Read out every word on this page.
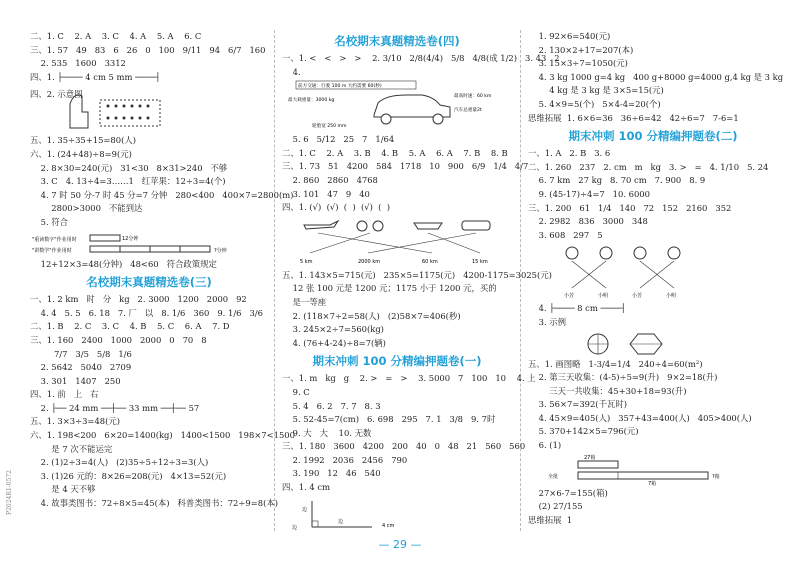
P2024R1-0572
二、1. C    2. A    3. C    4. A    5. A    6. C
三、1. 57   49   83   6   26   0   100   9/11   94   6/7   160
2. 535   1600   3312
四、1. ├──── 4 cm 5 mm ────┤
四、2. 示意图
五、1. 35÷35+15=80(人)
六、1. (24+48)÷8=9(元)
2. 8×30=240(元)   31<30   8×31>240   不够
3. C   4. 13÷4=3……1   红苹果：12÷3=4(个)
4. 7 时 50 分-7 时 45 分=7 分钟   280<400   400×7=2800(m)
2800>3000   不能到达
5. 符合
"重读数字"作业用时
"讲数学"作业用时
12分钟
?分钟
12+12×3=48(分钟)   48<60   符合政策规定
名校期末真题精选卷(三)
一、1. 2 km   时   分   kg   2. 3000   1200   2000   92
4. 4   5. 5   6. 18   7. 厂   以   8. 1/6   360   9. 1/6   3/6
二、1. B    2. C    3. C    4. B    5. C    6. A    7. D
三、1. 160   2400   1000   2000   0   70   8
7/7   3/5   5/8   1/6
2. 5642   5040   2709
3. 301   1407   250
四、1. 前   上   右
2. ├── 24 mm ──┼── 33 mm ──┼── 57
五、1. 3×3÷3=48(元)
六、1. 198<200   6×20=1400(kg)   1400<1500   198×7<1500
是 7 次不能运完
2. (1)2÷3=4(人)   (2)35÷5÷12÷3=3(人)
3. (1)26 元的：8×26=208(元)   4×13=52(元)
是 4 天不够
4. 故事类图书：72÷8×5=45(本)   科普类图书：72÷9=8(本)
名校期末真题精选卷(四)
一、1. <   <   >   >    2. 3/10   2/8(4/4)   5/8   4/8(成 1/2)   3. 43   2
4.
前方交通：行驶 100 m 大约需要 60(秒)
最大载重量：3000 kg
最高时速：60 km
汽车总重量2t
轮胎宽 250 mm
5. 6   5/12   25   7   1/64
二、1. C    2. A    3. B    4. B    5. A    6. A    7. B    8. B
三、1. 73   51   4200   584   1718   10   900   6/9   1/4   4/7
2. 860   2860   4768
3. 101   47   9   40
四、1. (√)  (√)  (  )  (√)  (  )
5 km	2000 km	60 km	15 km
五、1. 143×5=715(元)   235×5=1175(元)   4200-1175=3025(元)
12 张 100 元是 1200 元；1175 小于 1200 元，买的
是一等座
2. (118×7÷2=58(人)   (2)58×7=406(秒)
3. 245×2÷7=560(kg)
4. (76+4-24)÷8=7(辆)
期末冲刺 100 分精编押题卷(一)
一、1. m   kg   g    2. >   =   >    3. 5000   7   100   10    4. 上
9. C
5. 4   6. 2   7. 7   8. 3
5. 52-45=7(cm)   6. 698   295   7. 1   3/8   9. 7时
9. 大   大    10. 无数
三、1. 180   3600   4200   200   40   0   48   21   560   560
2. 1992   2036   2456   790
3. 190   12   46   540
四、1. 4 cm
4 cm
边
边
边
1. 92×6=540(元)
2. 130×2+17=207(本)
3. 15×3÷7=1050(元)
4. 3 kg 1000 g=4 kg   400 g+8000 g=4000 g,4 kg 是 3 kg
4 kg 是 3 kg 是 3×5=15(元)
5. 4×9=5(个)   5×4-4=20(个)
思维拓展  1. 6×6=36   36÷6=42   42÷6=7   7-6=1
期末冲刺 100 分精编押题卷(二)
一、1. A   2. B   3. 6
二、1. 260   237   2. cm   m   kg   3. >   =   4. 1/10   5. 24
6. 7 km   27 kg   8. 70 cm   7. 900   8. 9
9. (45-17)÷4=7   10. 6000
三、1. 200   61   1/4   140   72   152   2160   352
2. 2982   836   3000   348
3. 608   297   5
小芳	小明	小芳	小明
4. ├──── 8 cm ────┤
3. 示例
五、1. 画图略   1-3/4=1/4   240÷4=60(m²)
2. 第三天收集：(4-5)÷5=9(升)   9×2=18(升)
三天一共收集：45+30+18=93(升)
3. 56×7=392(千瓦时)
4. 45×9=405(人)   357+43=400(人)   405>400(人)
5. 370+142×5=796(元)
6. (1)
27箱
全批
7箱
?箱
27×6-7=155(箱)
(2) 27/155
思维拓展  1
— 29 —
